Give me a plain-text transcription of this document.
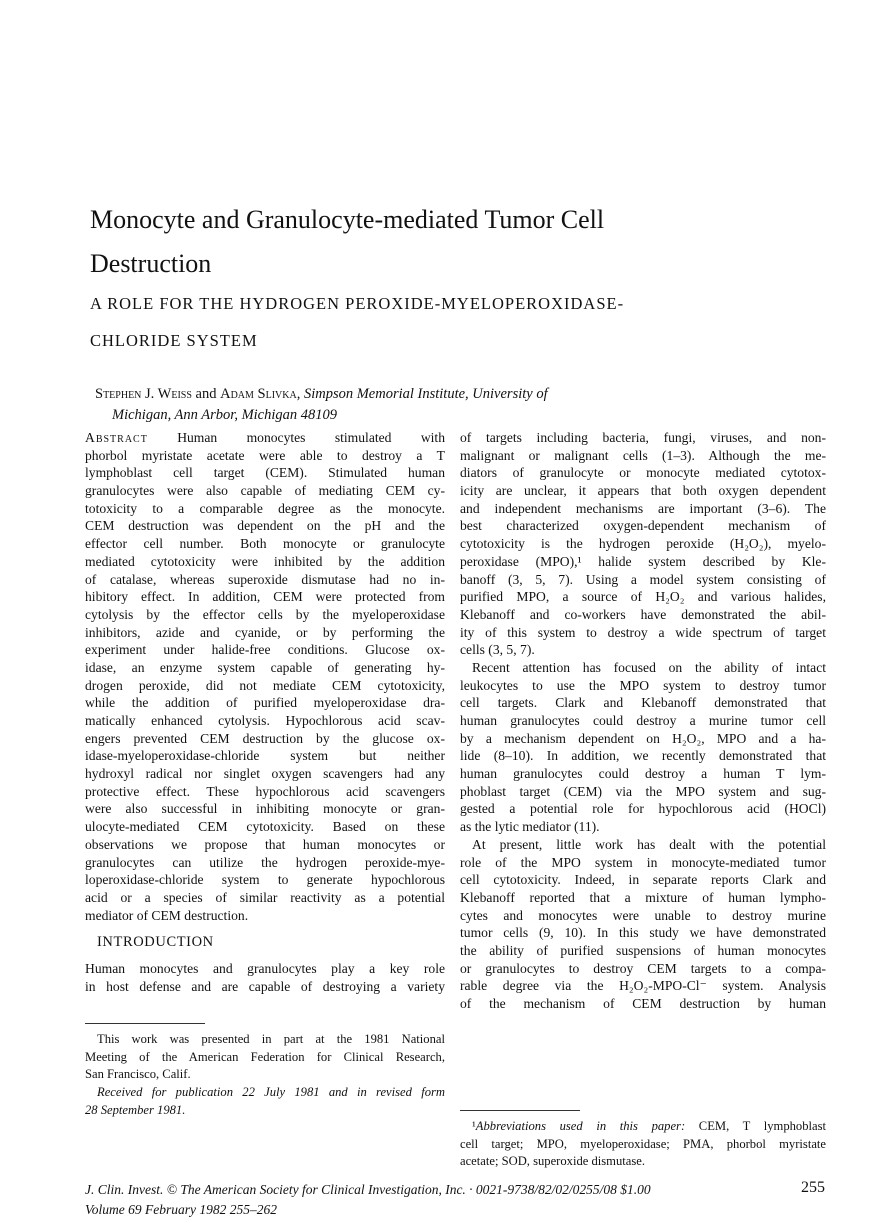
Monocyte and Granulocyte-mediated Tumor Cell
Destruction
A ROLE FOR THE HYDROGEN PEROXIDE-MYELOPEROXIDASE-
CHLORIDE SYSTEM
Stephen J. Weiss and Adam Slivka, Simpson Memorial Institute, University of
Michigan, Ann Arbor, Michigan 48109
Abstract Human monocytes stimulated with
phorbol myristate acetate were able to destroy a T
lymphoblast cell target (CEM). Stimulated human
granulocytes were also capable of mediating CEM cy-
totoxicity to a comparable degree as the monocyte.
CEM destruction was dependent on the pH and the
effector cell number. Both monocyte or granulocyte
mediated cytotoxicity were inhibited by the addition
of catalase, whereas superoxide dismutase had no in-
hibitory effect. In addition, CEM were protected from
cytolysis by the effector cells by the myeloperoxidase
inhibitors, azide and cyanide, or by performing the
experiment under halide-free conditions. Glucose ox-
idase, an enzyme system capable of generating hy-
drogen peroxide, did not mediate CEM cytotoxicity,
while the addition of purified myeloperoxidase dra-
matically enhanced cytolysis. Hypochlorous acid scav-
engers prevented CEM destruction by the glucose ox-
idase-myeloperoxidase-chloride system but neither
hydroxyl radical nor singlet oxygen scavengers had any
protective effect. These hypochlorous acid scavengers
were also successful in inhibiting monocyte or gran-
ulocyte-mediated CEM cytotoxicity. Based on these
observations we propose that human monocytes or
granulocytes can utilize the hydrogen peroxide-mye-
loperoxidase-chloride system to generate hypochlorous
acid or a species of similar reactivity as a potential
mediator of CEM destruction.
INTRODUCTION
Human monocytes and granulocytes play a key role
in host defense and are capable of destroying a variety
This work was presented in part at the 1981 National
Meeting of the American Federation for Clinical Research,
San Francisco, Calif.
Received for publication 22 July 1981 and in revised form
28 September 1981.
of targets including bacteria, fungi, viruses, and non-
malignant or malignant cells (1–3). Although the me-
diators of granulocyte or monocyte mediated cytotox-
icity are unclear, it appears that both oxygen dependent
and independent mechanisms are important (3–6). The
best characterized oxygen-dependent mechanism of
cytotoxicity is the hydrogen peroxide (H₂O₂), myelo-
peroxidase (MPO),¹ halide system described by Kle-
banoff (3, 5, 7). Using a model system consisting of
purified MPO, a source of H₂O₂ and various halides,
Klebanoff and co-workers have demonstrated the abil-
ity of this system to destroy a wide spectrum of target
cells (3, 5, 7).
Recent attention has focused on the ability of intact
leukocytes to use the MPO system to destroy tumor
cell targets. Clark and Klebanoff demonstrated that
human granulocytes could destroy a murine tumor cell
by a mechanism dependent on H₂O₂, MPO and a ha-
lide (8–10). In addition, we recently demonstrated that
human granulocytes could destroy a human T lym-
phoblast target (CEM) via the MPO system and sug-
gested a potential role for hypochlorous acid (HOCl)
as the lytic mediator (11).
At present, little work has dealt with the potential
role of the MPO system in monocyte-mediated tumor
cell cytotoxicity. Indeed, in separate reports Clark and
Klebanoff reported that a mixture of human lympho-
cytes and monocytes were unable to destroy murine
tumor cells (9, 10). In this study we have demonstrated
the ability of purified suspensions of human monocytes
or granulocytes to destroy CEM targets to a compa-
rable degree via the H₂O₂-MPO-Cl⁻ system. Analysis
of the mechanism of CEM destruction by human
¹Abbreviations used in this paper: CEM, T lymphoblast
cell target; MPO, myeloperoxidase; PMA, phorbol myristate
acetate; SOD, superoxide dismutase.
J. Clin. Invest. © The American Society for Clinical Investigation, Inc. · 0021-9738/82/02/0255/08 $1.00
Volume 69 February 1982 255–262
255
